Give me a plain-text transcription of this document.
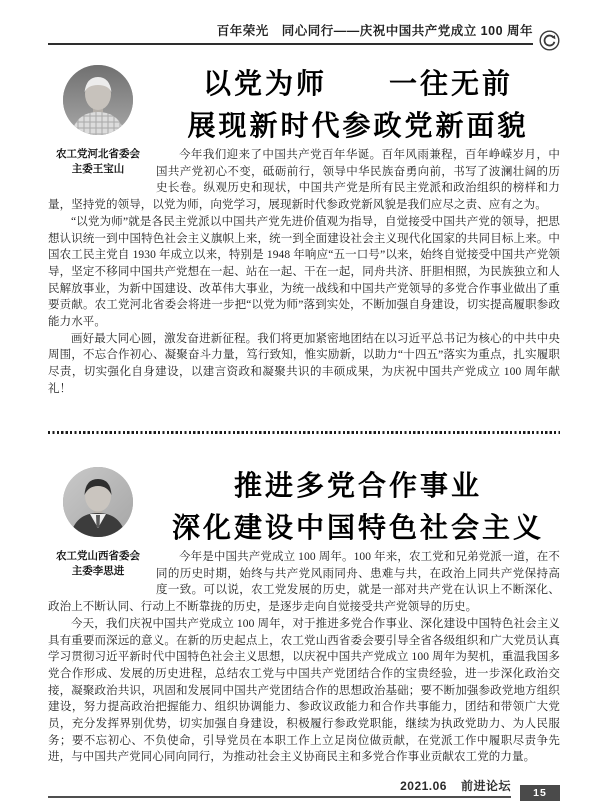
百年荣光　同心同行——庆祝中国共产党成立 100 周年
农工党河北省委会
主委王宝山
以党为师　　一往无前
展现新时代参政党新面貌

今年我们迎来了中国共产党百年华诞。百年风雨兼程，百年峥嵘岁月，中国共产党初心不变，砥砺前行，领导中华民族奋勇向前，书写了波澜壮阔的历史长卷。纵观历史和现状，中国共产党是所有民主党派和政治组织的榜样和力量，坚持党的领导，以党为师，向党学习，展现新时代参政党新风貌是我们应尽之责、应有之为。

“以党为师”就是各民主党派以中国共产党先进价值观为指导，自觉接受中国共产党的领导，把思想认识统一到中国特色社会主义旗帜上来，统一到全面建设社会主义现代化国家的共同目标上来。中国农工民主党自 1930 年成立以来，特别是 1948 年响应“五一口号”以来，始终自觉接受中国共产党领导，坚定不移同中国共产党想在一起、站在一起、干在一起，同舟共济、肝胆相照，为民族独立和人民解放事业，为新中国建设、改革伟大事业，为统一战线和中国共产党领导的多党合作事业做出了重要贡献。农工党河北省委会将进一步把“以党为师”落到实处，不断加强自身建设，切实提高履职参政能力水平。

画好最大同心圆，激发奋进新征程。我们将更加紧密地团结在以习近平总书记为核心的中共中央周围，不忘合作初心、凝聚奋斗力量，笃行致知，惟实励新，以助力“十四五”落实为重点，扎实履职尽责，切实强化自身建设，以建言资政和凝聚共识的丰硕成果，为庆祝中国共产党成立 100 周年献礼！

农工党山西省委会
主委李思进
推进多党合作事业
深化建设中国特色社会主义

今年是中国共产党成立 100 周年。100 年来，农工党和兄弟党派一道，在不同的历史时期，始终与共产党风雨同舟、患难与共，在政治上同共产党保持高度一致。可以说，农工党发展的历史，就是一部对共产党在认识上不断深化、政治上不断认同、行动上不断靠拢的历史，是逐步走向自觉接受共产党领导的历史。

今天，我们庆祝中国共产党成立 100 周年，对于推进多党合作事业、深化建设中国特色社会主义具有重要而深远的意义。在新的历史起点上，农工党山西省委会要引导全省各级组织和广大党员认真学习贯彻习近平新时代中国特色社会主义思想，以庆祝中国共产党成立 100 周年为契机，重温我国多党合作形成、发展的历史进程，总结农工党与中国共产党团结合作的宝贵经验，进一步深化政治交接，凝聚政治共识，巩固和发展同中国共产党团结合作的思想政治基础；要不断加强参政党地方组织建设，努力提高政治把握能力、组织协调能力、参政议政能力和合作共事能力，团结和带领广大党员，充分发挥界别优势，切实加强自身建设，积极履行参政党职能，继续为执政党助力、为人民服务；要不忘初心、不负使命，引导党员在本职工作上立足岗位做贡献，在党派工作中履职尽责争先进，与中国共产党同心同向同行，为推动社会主义协商民主和多党合作事业贡献农工党的力量。

2021.06 前进论坛	15
